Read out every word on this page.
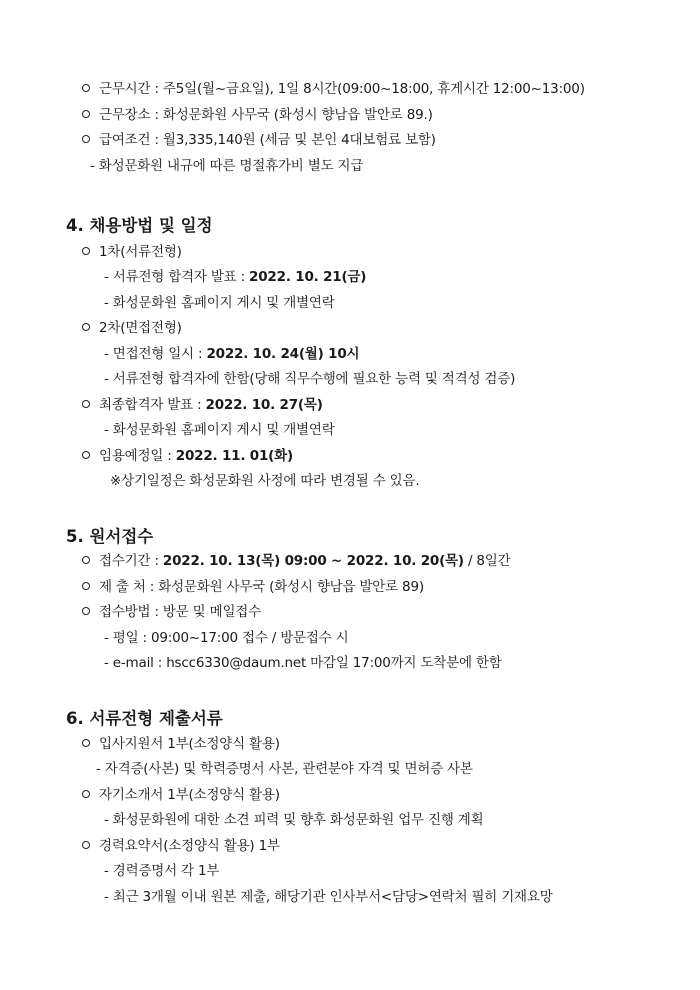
근무시간 : 주5일(월~금요일), 1일 8시간(09:00~18:00, 휴게시간 12:00~13:00)
근무장소 : 화성문화원 사무국 (화성시 향남읍 발안로 89.)
급여조건 : 월3,335,140원 (세금 및 본인 4대보험료 보함)
- 화성문화원 내규에 따른 명절휴가비 별도 지급
4. 채용방법 및 일정
1차(서류전형)
- 서류전형 합격자 발표 : 2022. 10. 21(금)
- 화성문화원 홈페이지 게시 및 개별연락
2차(면접전형)
- 면접전형 일시 : 2022. 10. 24(월) 10시
- 서류전형 합격자에 한함(당해 직무수행에 필요한 능력 및 적격성 검증)
최종합격자 발표 : 2022. 10. 27(목)
- 화성문화원 홈페이지 게시 및 개별연락
임용예정일 : 2022. 11. 01(화)
※상기일정은 화성문화원 사정에 따라 변경될 수 있음.
5. 원서접수
접수기간 : 2022. 10. 13(목) 09:00 ~ 2022. 10. 20(목) / 8일간
제 출 처 : 화성문화원 사무국 (화성시 향남읍 발안로 89)
접수방법 : 방문 및 메일접수
- 평일 : 09:00~17:00 접수 / 방문접수 시
- e-mail : hscc6330@daum.net 마감일 17:00까지 도착분에 한함
6. 서류전형 제출서류
입사지원서 1부(소정양식 활용)
- 자격증(사본) 및 학력증명서 사본, 관련분야 자격 및 면허증 사본
자기소개서 1부(소정양식 활용)
- 화성문화원에 대한 소견 피력 및 향후 화성문화원 업무 진행 계획
경력요약서(소정양식 활용) 1부
- 경력증명서 각 1부
- 최근 3개월 이내 원본 제출, 해당기관 인사부서<담당>연락처 필히 기재요망
